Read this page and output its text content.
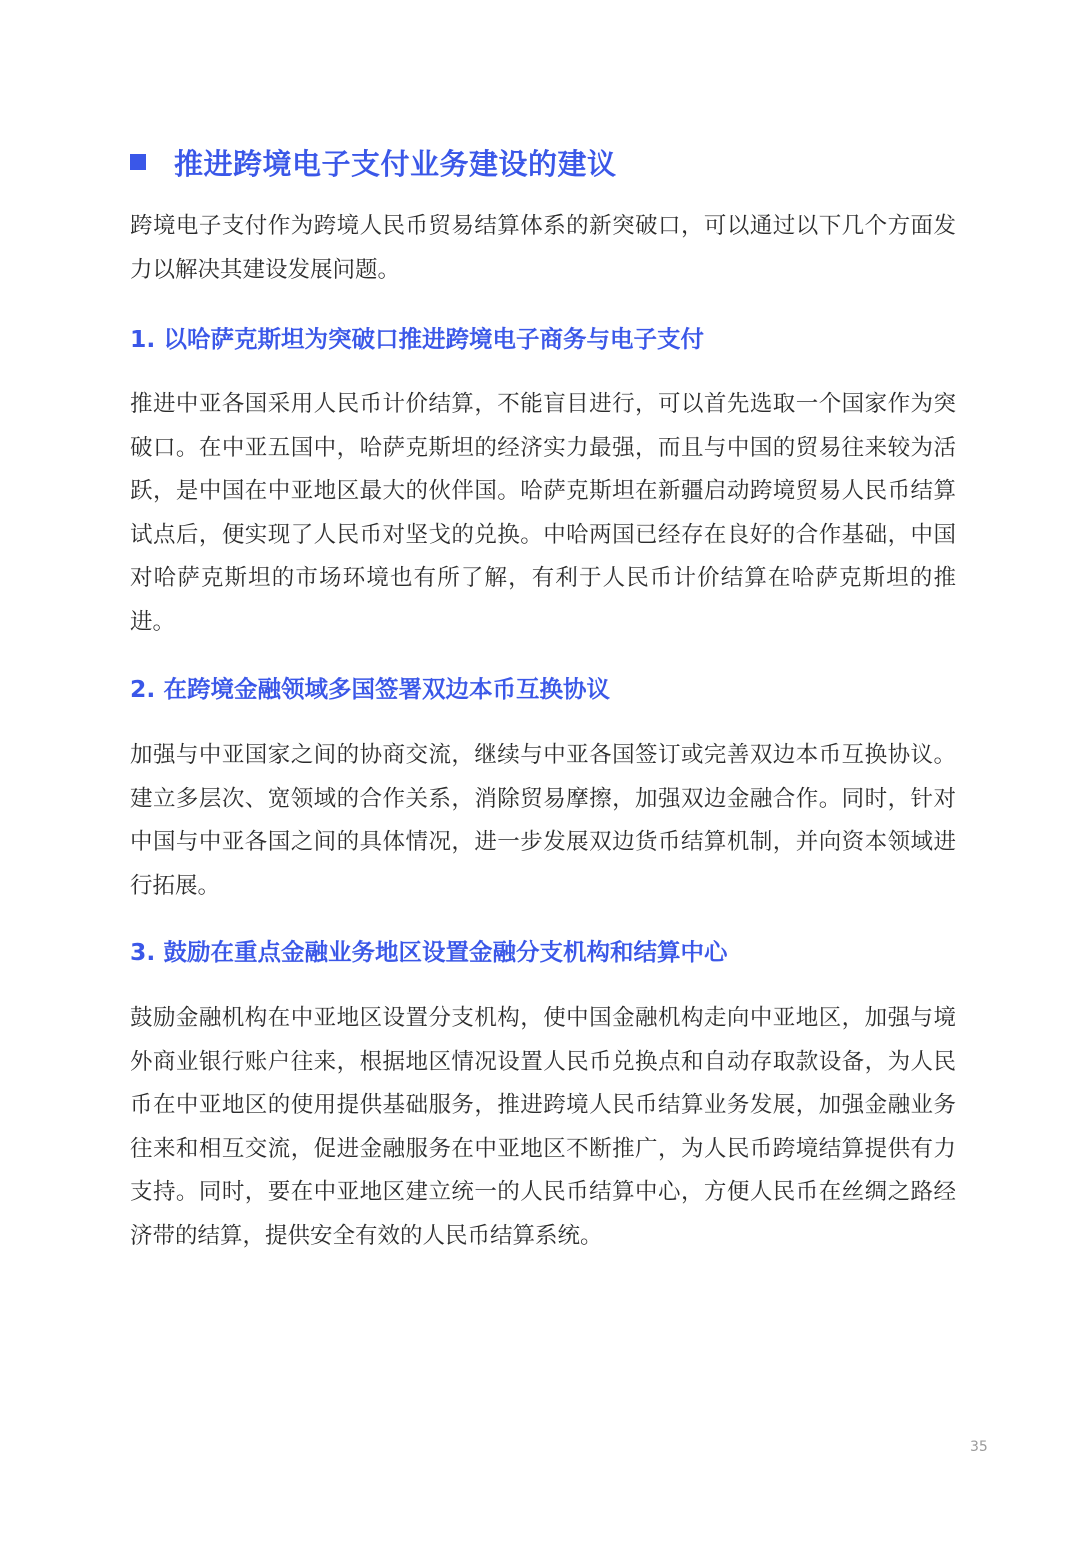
推进跨境电子支付业务建设的建议

跨境电子支付作为跨境人民币贸易结算体系的新突破口，可以通过以下几个方面发力以解决其建设发展问题。

1. 以哈萨克斯坦为突破口推进跨境电子商务与电子支付

推进中亚各国采用人民币计价结算，不能盲目进行，可以首先选取一个国家作为突破口。在中亚五国中，哈萨克斯坦的经济实力最强，而且与中国的贸易往来较为活跃，是中国在中亚地区最大的伙伴国。哈萨克斯坦在新疆启动跨境贸易人民币结算试点后，便实现了人民币对坚戈的兑换。中哈两国已经存在良好的合作基础，中国对哈萨克斯坦的市场环境也有所了解，有利于人民币计价结算在哈萨克斯坦的推进。

2. 在跨境金融领域多国签署双边本币互换协议

加强与中亚国家之间的协商交流，继续与中亚各国签订或完善双边本币互换协议。建立多层次、宽领域的合作关系，消除贸易摩擦，加强双边金融合作。同时，针对中国与中亚各国之间的具体情况，进一步发展双边货币结算机制，并向资本领域进行拓展。

3. 鼓励在重点金融业务地区设置金融分支机构和结算中心

鼓励金融机构在中亚地区设置分支机构，使中国金融机构走向中亚地区，加强与境外商业银行账户往来，根据地区情况设置人民币兑换点和自动存取款设备，为人民币在中亚地区的使用提供基础服务，推进跨境人民币结算业务发展，加强金融业务往来和相互交流，促进金融服务在中亚地区不断推广，为人民币跨境结算提供有力支持。同时，要在中亚地区建立统一的人民币结算中心，方便人民币在丝绸之路经济带的结算，提供安全有效的人民币结算系统。

35
